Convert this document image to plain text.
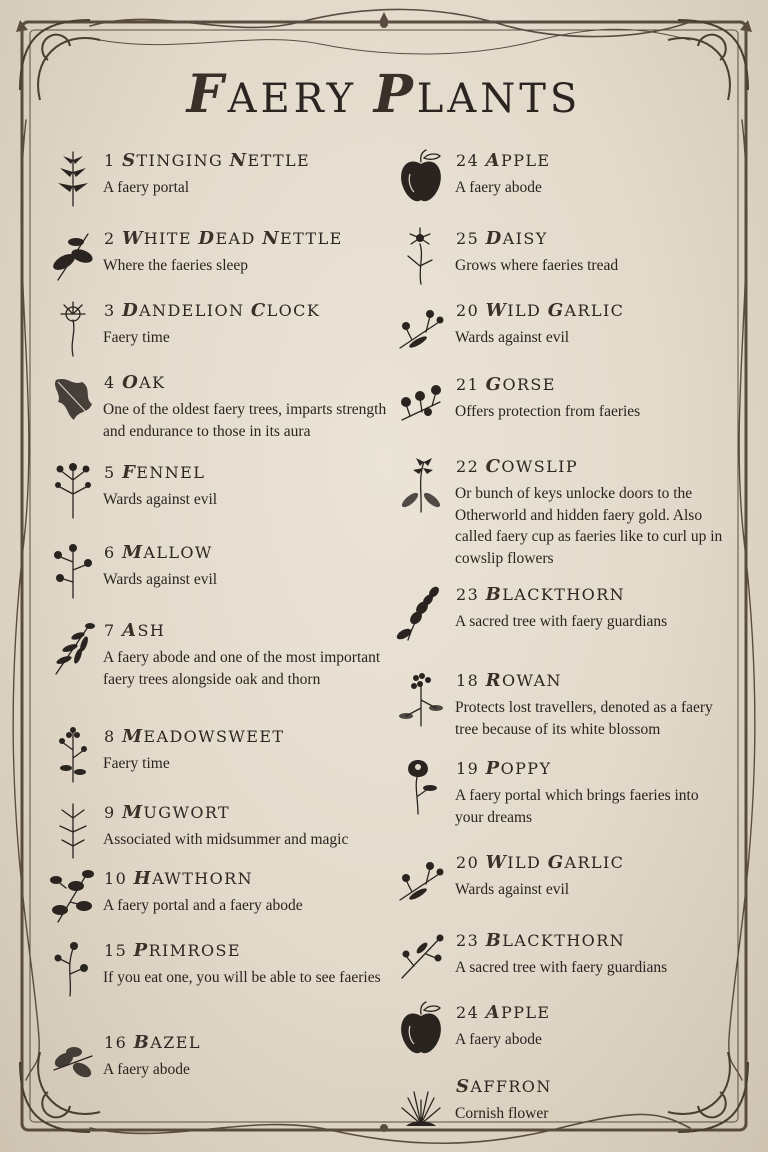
FAERY PLANTS
1 STINGING NETTLE
A faery portal
2 WHITE DEAD NETTLE
Where the faeries sleep
3 DANDELION CLOCK
Faery time
4 OAK
One of the oldest faery trees, imparts strength and endurance to those in its aura
5 FENNEL
Wards against evil
6 MALLOW
Wards against evil
7 ASH
A faery abode and one of the most important faery trees alongside oak and thorn
8 MEADOWSWEET
Faery time
9 MUGWORT
Associated with midsummer and magic
10 HAWTHORN
A faery portal and a faery abode
15 PRIMROSE
If you eat one, you will be able to see faeries
16 BAZEL
A faery abode
24 APPLE
A faery abode
25 DAISY
Grows where faeries tread
20 WILD GARLIC
Wards against evil
21 GORSE
Offers protection from faeries
22 COWSLIP
Or bunch of keys unlocke doors to the Otherworld and hidden faery gold. Also called faery cup as faeries like to curl up in cowslip flowers
23 BLACKTHORN
A sacred tree with faery guardians
18 ROWAN
Protects lost travellers, denoted as a faery tree because of its white blossom
19 POPPY
A faery portal which brings faeries into your dreams
20 WILD GARLIC
Wards against evil
23 BLACKTHORN
A sacred tree with faery guardians
24 APPLE
A faery abode
SAFFRON
Cornish flower
